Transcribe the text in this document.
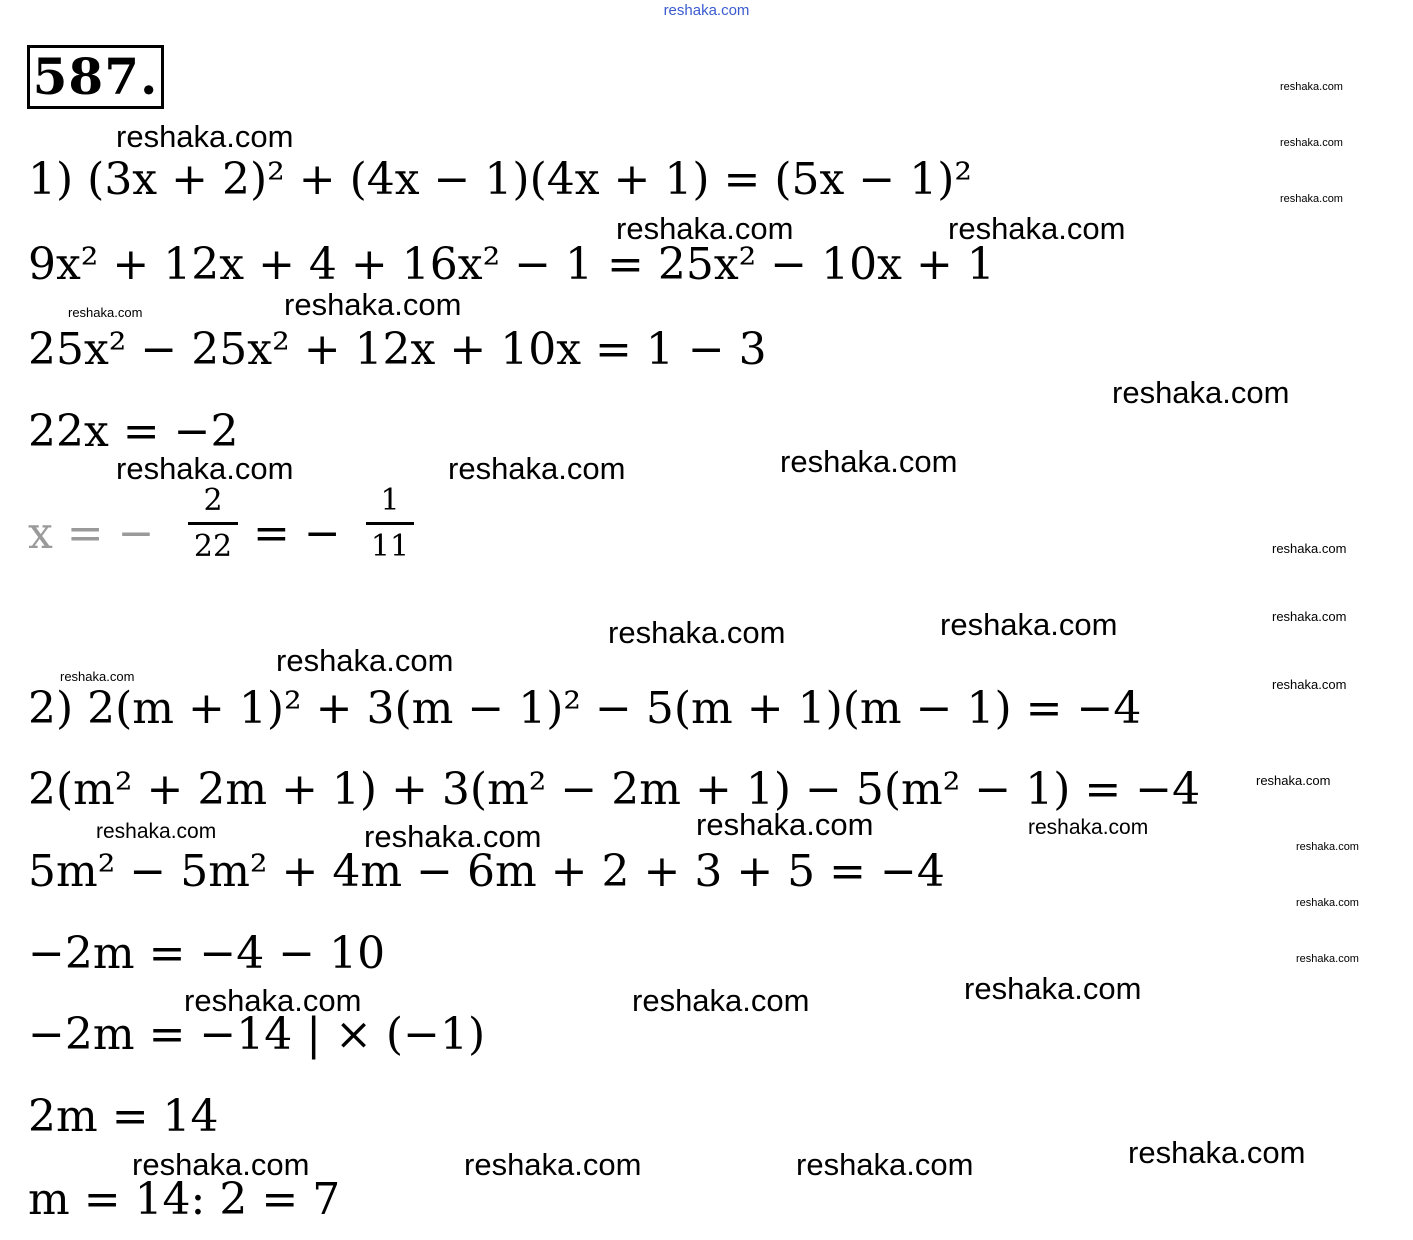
reshaka.com
587.
1) (3x + 2)² + (4x − 1)(4x + 1) = (5x − 1)²
9x² + 12x + 4 + 16x² − 1 = 25x² − 10x + 1
25x² − 25x² + 12x + 10x = 1 − 3
22x = −2
x = − $\frac{2}{22}$ = − $\frac{1}{11}$
2) 2(m + 1)² + 3(m − 1)² − 5(m + 1)(m − 1) = −4
2(m² + 2m + 1) + 3(m² − 2m + 1) − 5(m² − 1) = −4
5m² − 5m² + 4m − 6m + 2 + 3 + 5 = −4
−2m = −4 − 10
−2m = −14 | × (−1)
2m = 14
m = 14: 2 = 7
reshaka.com
reshaka.com	reshaka.com
reshaka.com
reshaka.com
reshaka.com	reshaka.com	reshaka.com
reshaka.com	reshaka.com
reshaka.com
reshaka.com	reshaka.com
reshaka.com	reshaka.com	reshaka.com
reshaka.com	reshaka.com	reshaka.com	reshaka.com
reshaka.com	reshaka.com
reshaka.com
reshaka.com
reshaka.com
reshaka.com
reshaka.com
reshaka.com
reshaka.com
reshaka.com
reshaka.com
reshaka.com
reshaka.com
reshaka.com
